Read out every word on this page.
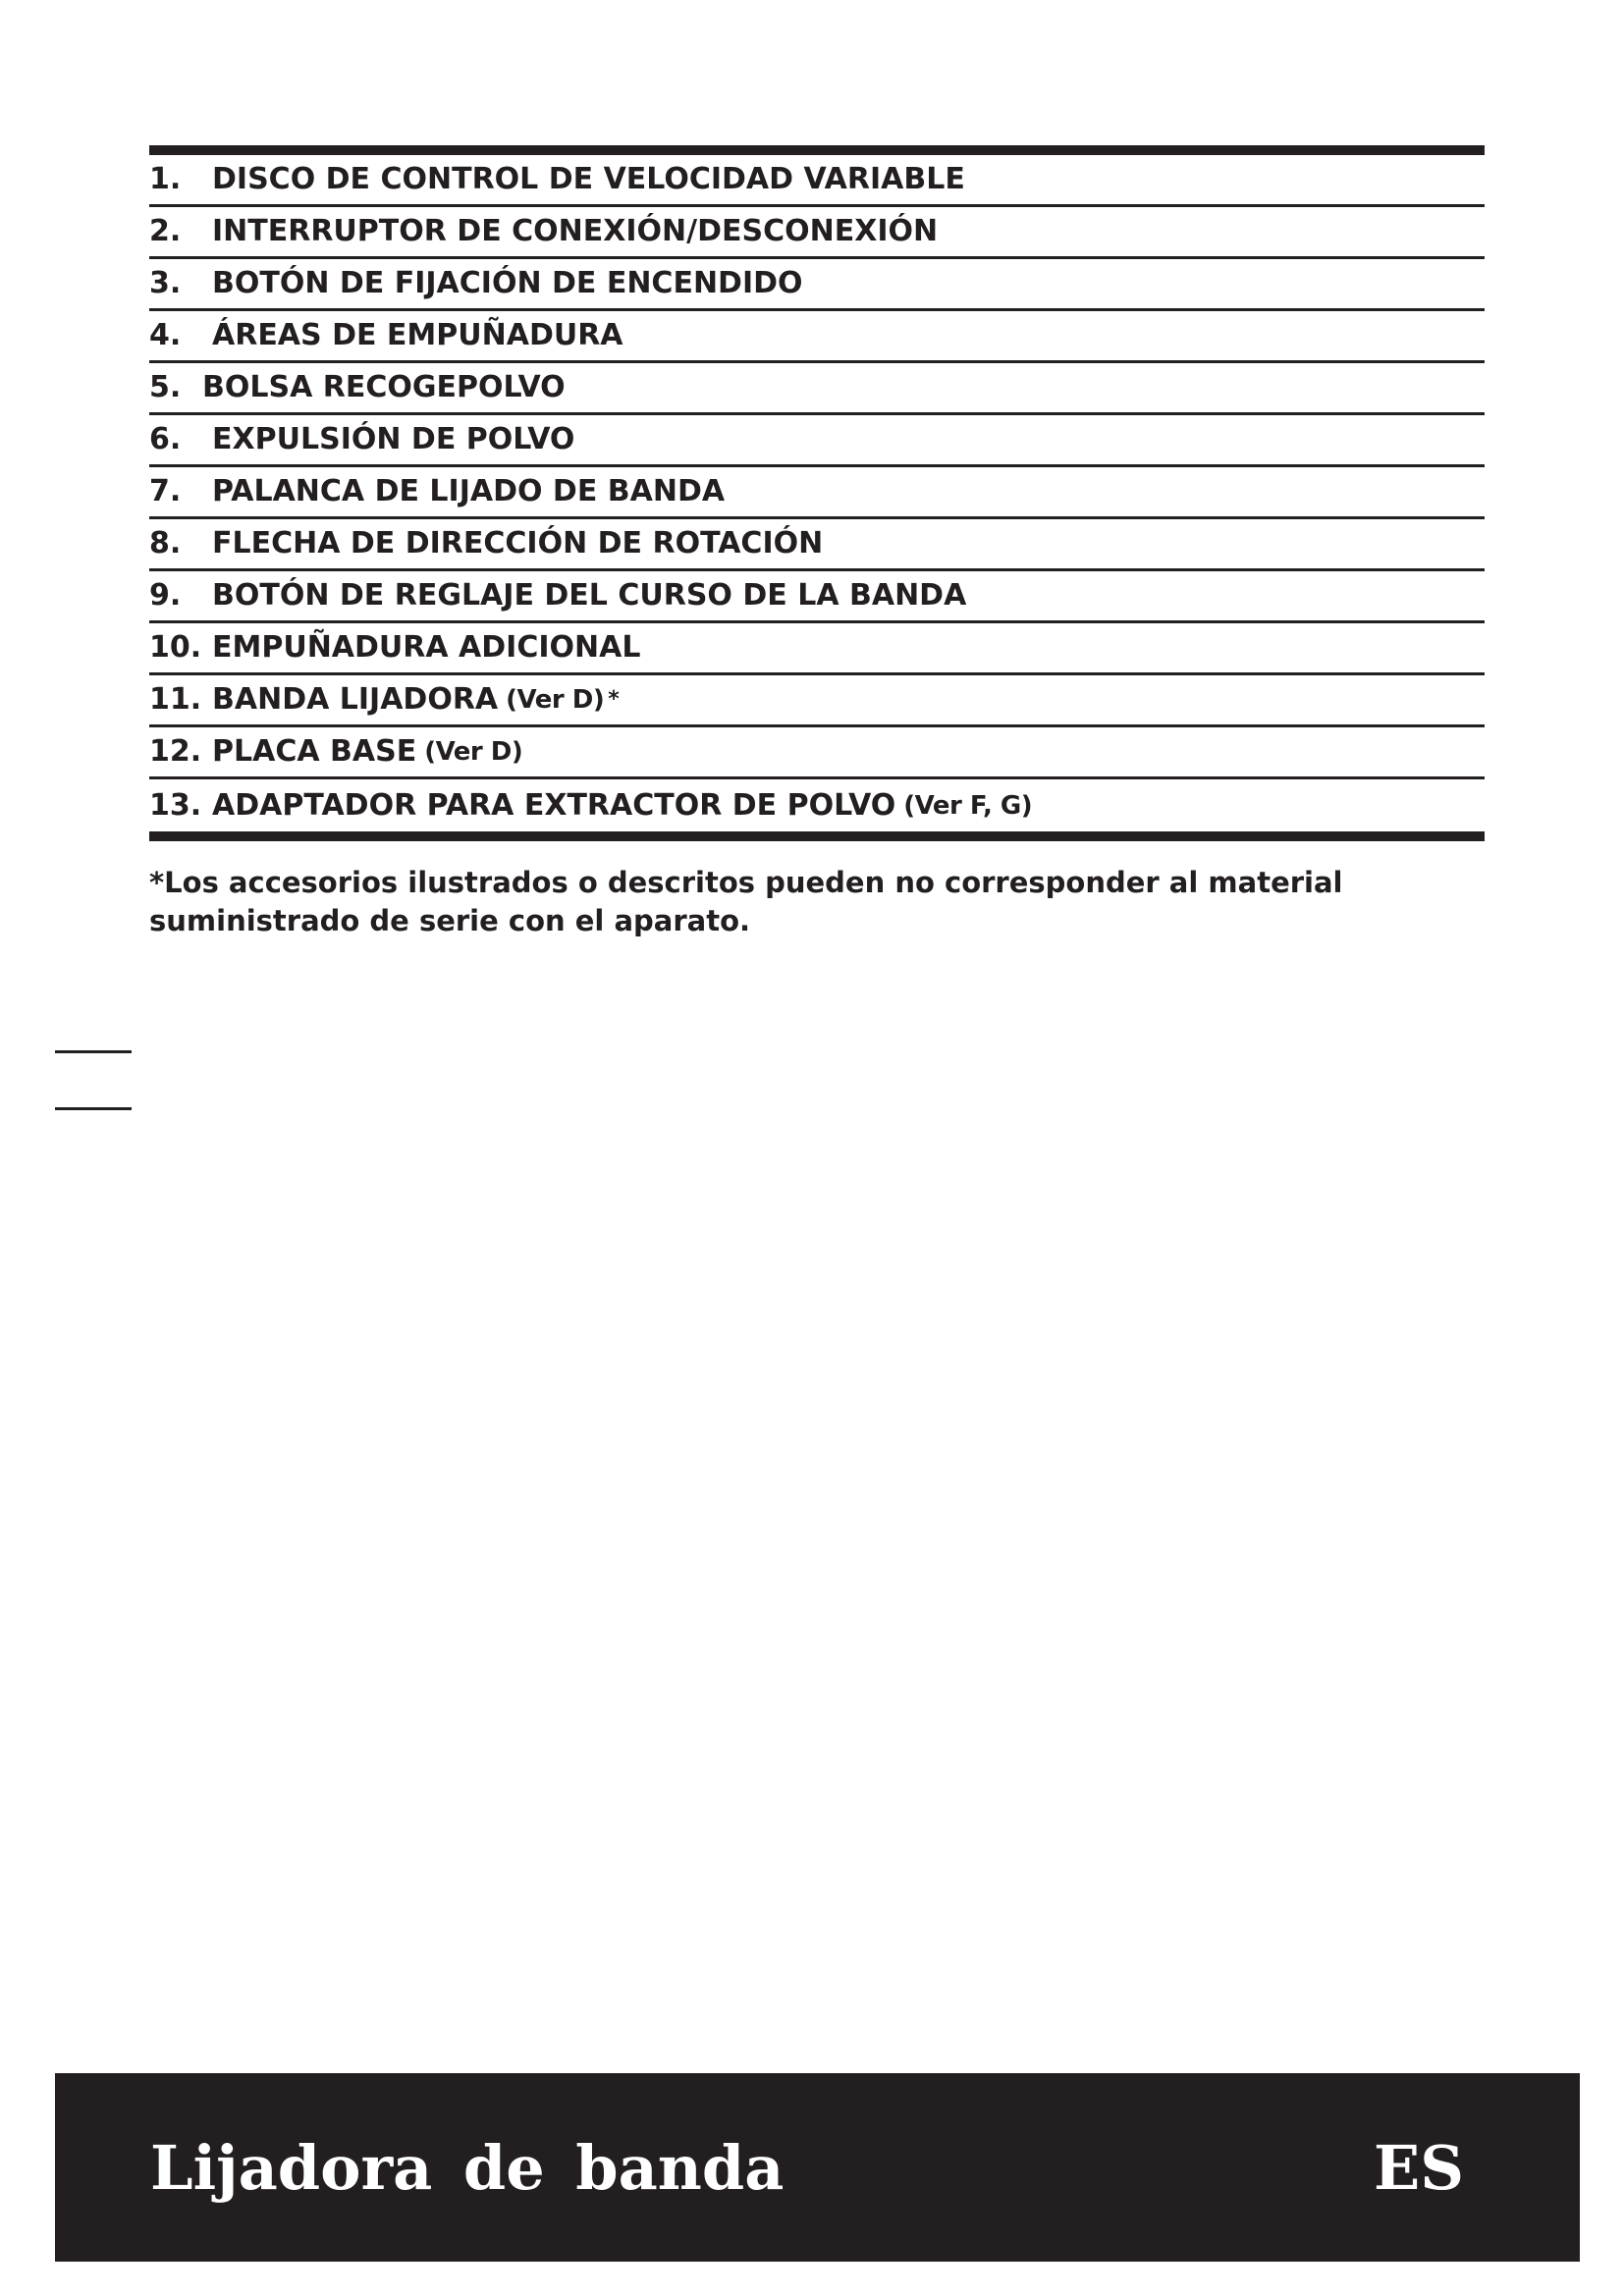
1.	DISCO DE CONTROL DE VELOCIDAD VARIABLE
2.	INTERRUPTOR DE CONEXIÓN/DESCONEXIÓN
3.	BOTÓN DE FIJACIÓN DE ENCENDIDO
4.	ÁREAS DE EMPUÑADURA
5. BOLSA RECOGEPOLVO
6.	EXPULSIÓN DE POLVO
7.	PALANCA DE LIJADO DE BANDA
8.	FLECHA DE DIRECCIÓN DE ROTACIÓN
9.	BOTÓN DE REGLAJE DEL CURSO DE LA BANDA
10. EMPUÑADURA ADICIONAL
11. BANDA LIJADORA (Ver D) *
12. PLACA BASE (Ver D)
13. ADAPTADOR PARA EXTRACTOR DE POLVO (Ver F, G)
*Los accesorios ilustrados o descritos pueden no corresponder al material
suministrado de serie con el aparato.
Lijadora de banda	ES
